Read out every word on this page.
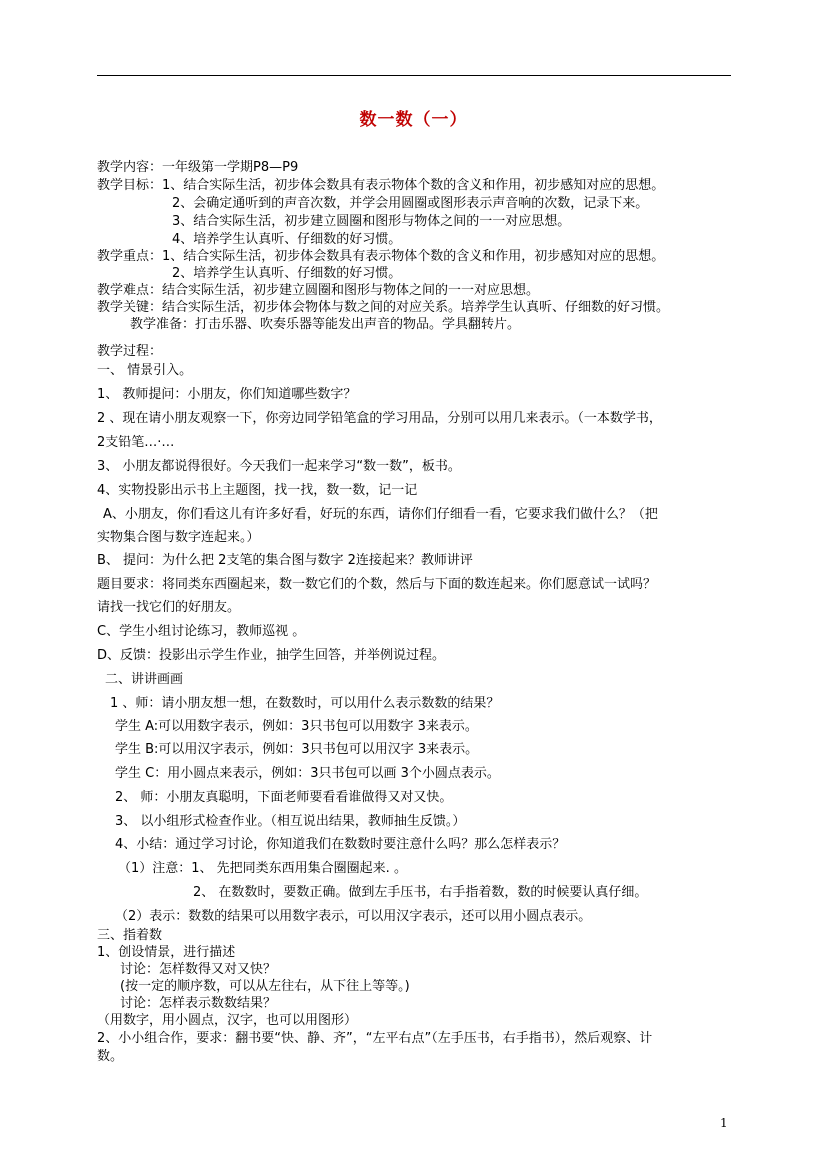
数一数（一）
教学内容：一年级第一学期P8—P9
教学目标：1、结合实际生活，初步体会数具有表示物体个数的含义和作用，初步感知对应的思想。
2、会确定通听到的声音次数，并学会用圆圈或图形表示声音响的次数，记录下来。
3、结合实际生活，初步建立圆圈和图形与物体之间的一一对应思想。
4、培养学生认真听、仔细数的好习惯。
教学重点：1、结合实际生活，初步体会数具有表示物体个数的含义和作用，初步感知对应的思想。
2、培养学生认真听、仔细数的好习惯。
教学难点：结合实际生活，初步建立圆圈和图形与物体之间的一一对应思想。
教学关键：结合实际生活，初步体会物体与数之间的对应关系。培养学生认真听、仔细数的好习惯。
教学准备：打击乐器、吹奏乐器等能发出声音的物品。学具翻转片。
教学过程：
一、 情景引入。
1、 教师提问：小朋友，你们知道哪些数字？
2 、现在请小朋友观察一下，你旁边同学铅笔盒的学习用品，分别可以用几来表示。（一本数学书，
2支铅笔…·…
3、 小朋友都说得很好。今天我们一起来学习“数一数”，板书。
4、实物投影出示书上主题图，找一找，数一数，记一记
A、小朋友，你们看这儿有许多好看，好玩的东西，请你们仔细看一看，它要求我们做什么？（把
实物集合图与数字连起来。）
B、 提问：为什么把 2支笔的集合图与数字 2连接起来？教师讲评
题目要求：将同类东西圈起来，数一数它们的个数，然后与下面的数连起来。你们愿意试一试吗？
请找一找它们的好朋友。
C、学生小组讨论练习，教师巡视 。
D、反馈：投影出示学生作业，抽学生回答，并举例说过程。
二、讲讲画画
1 、师：请小朋友想一想，在数数时，可以用什么表示数数的结果？
学生 A:可以用数字表示，例如：3只书包可以用数字 3来表示。
学生 B:可以用汉字表示，例如：3只书包可以用汉字 3来表示。
学生 C：用小圆点来表示，例如：3只书包可以画 3个小圆点表示。
2、 师：小朋友真聪明，下面老师要看看谁做得又对又快。
3、 以小组形式检查作业。（相互说出结果，教师抽生反馈。）
4、小结：通过学习讨论，你知道我们在数数时要注意什么吗？那么怎样表示？
（1）注意：1、 先把同类东西用集合圈圈起来. 。
2、 在数数时，要数正确。做到左手压书，右手指着数，数的时候要认真仔细。
（2）表示：数数的结果可以用数字表示，可以用汉字表示，还可以用小圆点表示。
三、指着数
1、创设情景，进行描述
讨论：怎样数得又对又快？
(按一定的顺序数，可以从左往右，从下往上等等。)
讨论：怎样表示数数结果？
（用数字，用小圆点，汉字，也可以用图形）
2、小小组合作，要求：翻书要“快、静、齐”，“左平右点”（左手压书，右手指书），然后观察、计
数。
1
